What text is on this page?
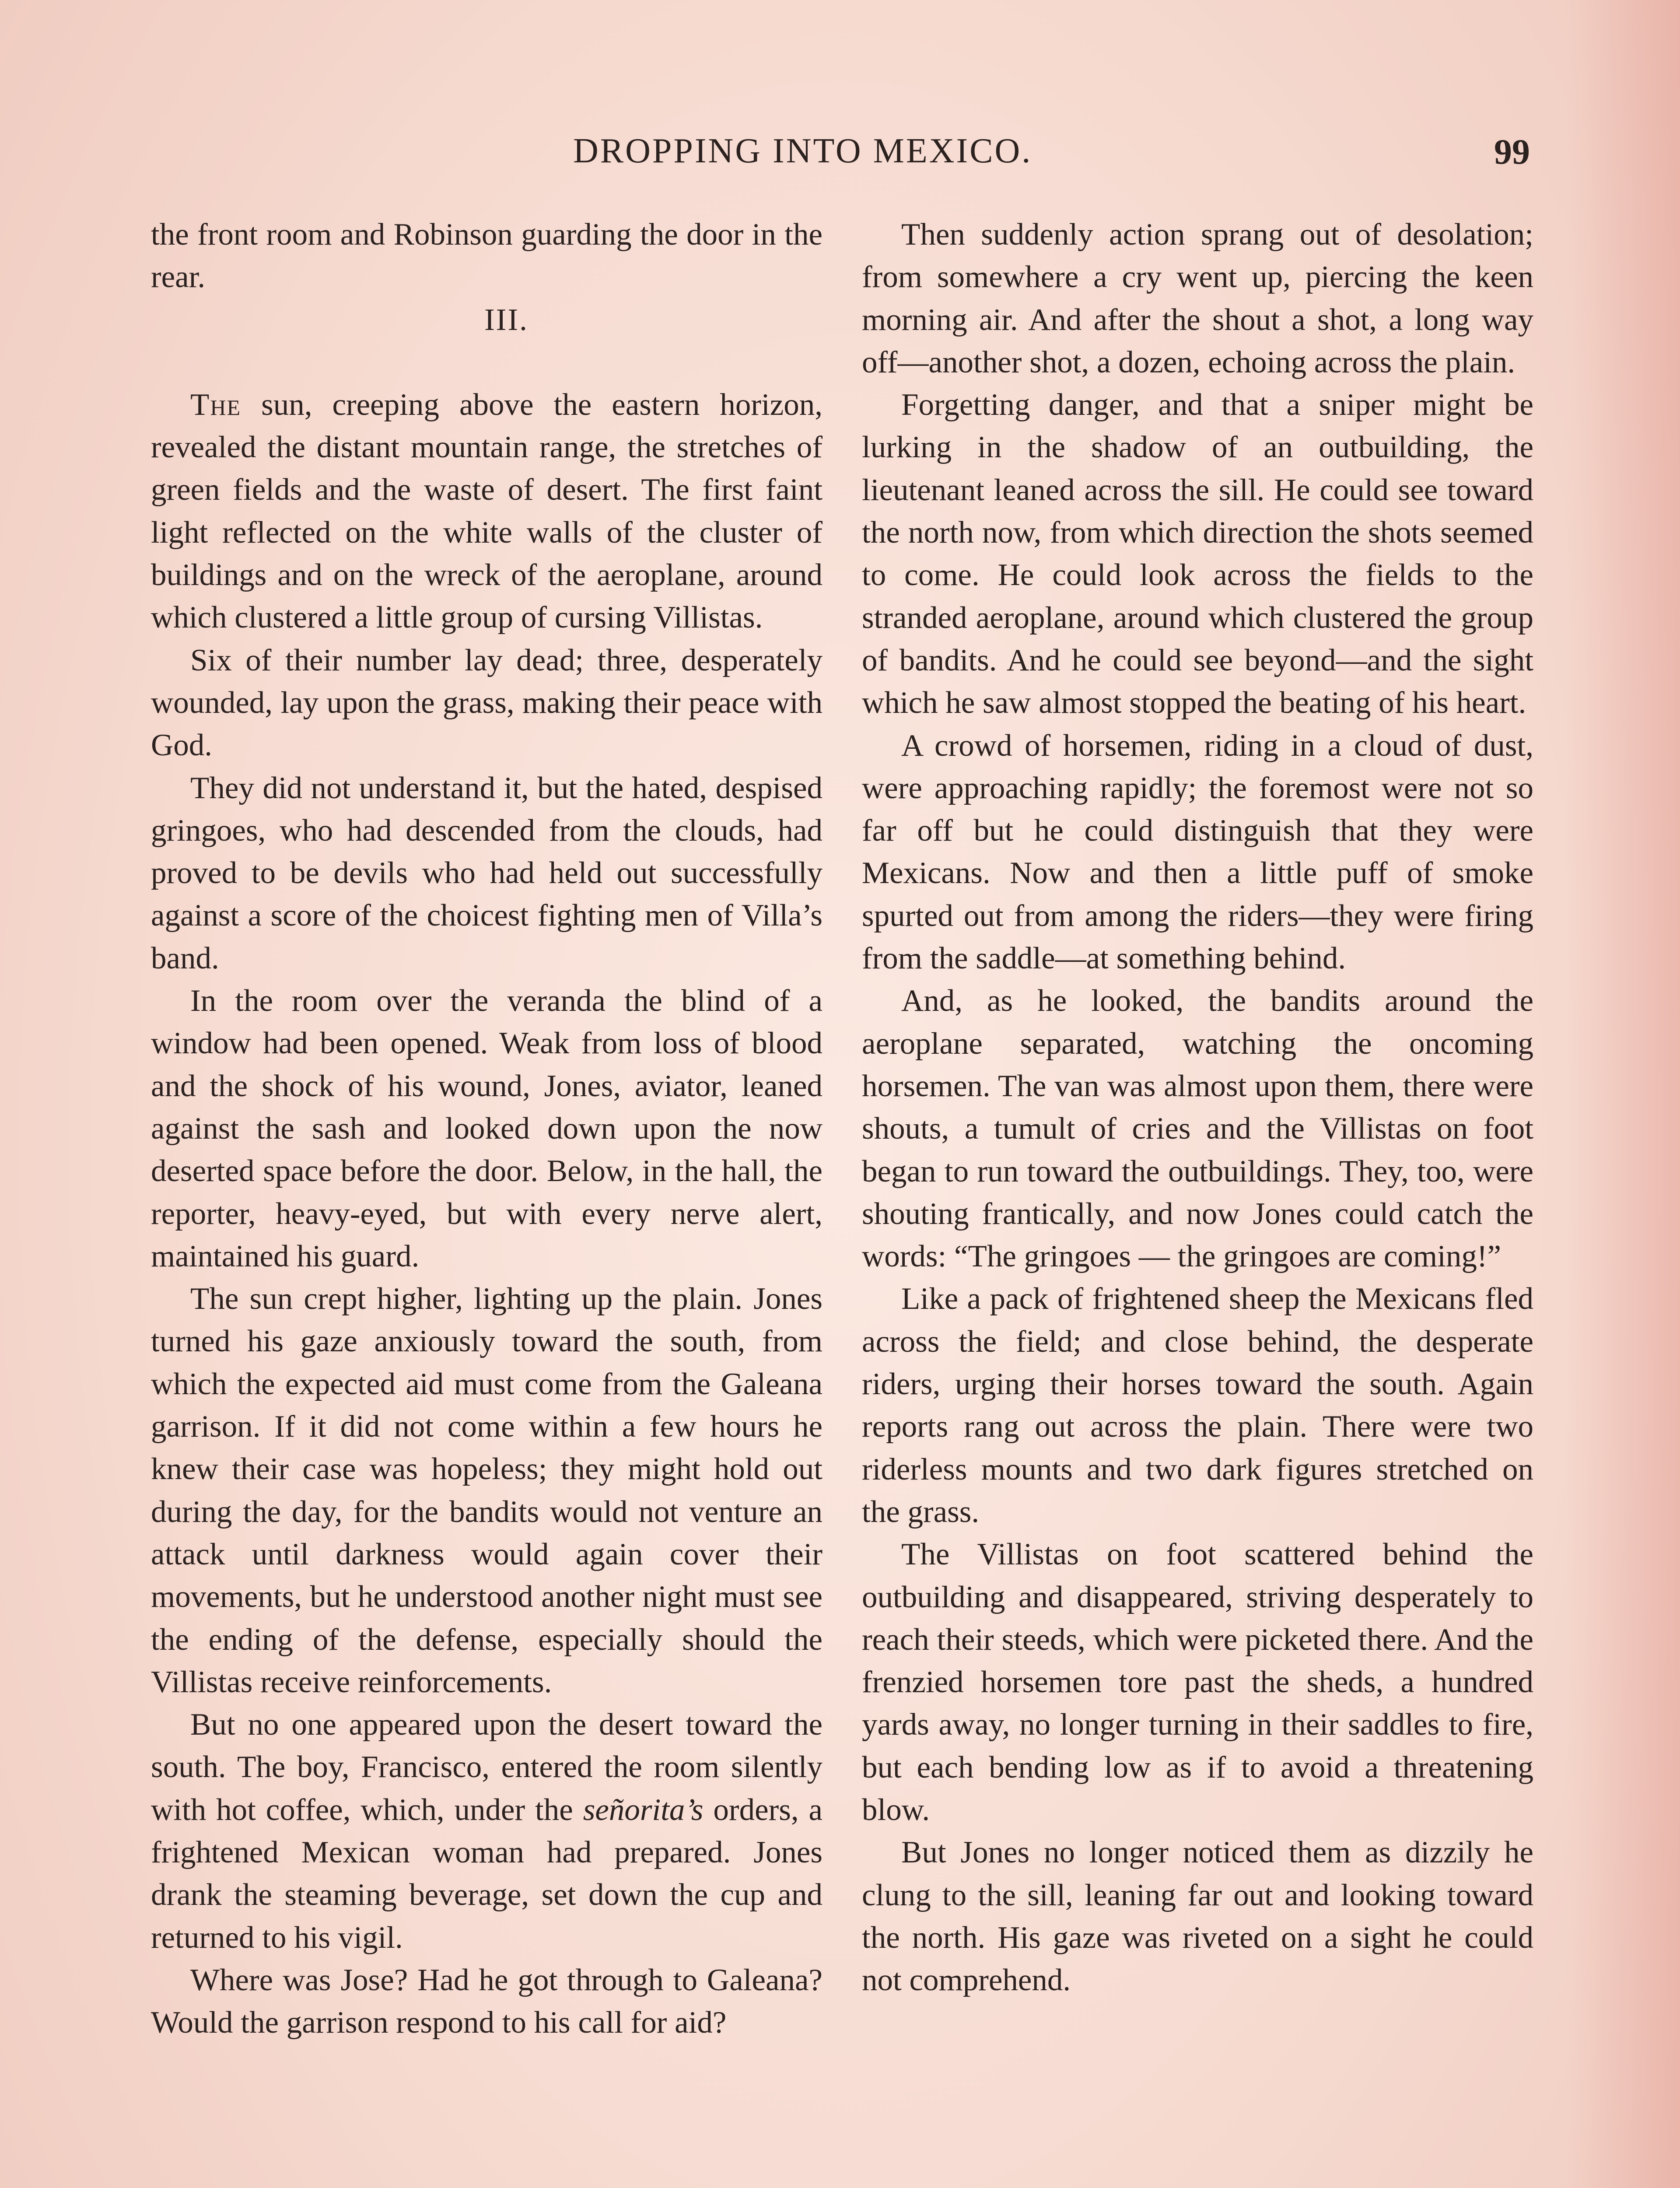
DROPPING INTO MEXICO.	99

the front room and Robinson guarding the door in the rear.

III.

The sun, creeping above the eastern horizon, revealed the distant mountain range, the stretches of green fields and the waste of desert. The first faint light reflected on the white walls of the cluster of buildings and on the wreck of the aeroplane, around which clustered a little group of cursing Villistas.

Six of their number lay dead; three, desperately wounded, lay upon the grass, making their peace with God.

They did not understand it, but the hated, despised gringoes, who had descended from the clouds, had proved to be devils who had held out successfully against a score of the choicest fighting men of Villa’s band.

In the room over the veranda the blind of a window had been opened. Weak from loss of blood and the shock of his wound, Jones, aviator, leaned against the sash and looked down upon the now deserted space before the door. Below, in the hall, the reporter, heavy-eyed, but with every nerve alert, maintained his guard.

The sun crept higher, lighting up the plain. Jones turned his gaze anxiously toward the south, from which the expected aid must come from the Galeana garrison. If it did not come within a few hours he knew their case was hopeless; they might hold out during the day, for the bandits would not venture an attack until darkness would again cover their movements, but he understood another night must see the ending of the defense, especially should the Villistas receive reinforcements.

But no one appeared upon the desert toward the south. The boy, Francisco, entered the room silently with hot coffee, which, under the señorita’s orders, a frightened Mexican woman had prepared. Jones drank the steaming beverage, set down the cup and returned to his vigil.

Where was Jose? Had he got through to Galeana? Would the garrison respond to his call for aid?

Then suddenly action sprang out of desolation; from somewhere a cry went up, piercing the keen morning air. And after the shout a shot, a long way off—another shot, a dozen, echoing across the plain.

Forgetting danger, and that a sniper might be lurking in the shadow of an outbuilding, the lieutenant leaned across the sill. He could see toward the north now, from which direction the shots seemed to come. He could look across the fields to the stranded aeroplane, around which clustered the group of bandits. And he could see beyond—and the sight which he saw almost stopped the beating of his heart.

A crowd of horsemen, riding in a cloud of dust, were approaching rapidly; the foremost were not so far off but he could distinguish that they were Mexicans. Now and then a little puff of smoke spurted out from among the riders—they were firing from the saddle—at something behind.

And, as he looked, the bandits around the aeroplane separated, watching the oncoming horsemen. The van was almost upon them, there were shouts, a tumult of cries and the Villistas on foot began to run toward the outbuildings. They, too, were shouting frantically, and now Jones could catch the words: “The gringoes — the gringoes are coming!”

Like a pack of frightened sheep the Mexicans fled across the field; and close behind, the desperate riders, urging their horses toward the south. Again reports rang out across the plain. There were two riderless mounts and two dark figures stretched on the grass.

The Villistas on foot scattered behind the outbuilding and disappeared, striving desperately to reach their steeds, which were picketed there. And the frenzied horsemen tore past the sheds, a hundred yards away, no longer turning in their saddles to fire, but each bending low as if to avoid a threatening blow.

But Jones no longer noticed them as dizzily he clung to the sill, leaning far out and looking toward the north. His gaze was riveted on a sight he could not comprehend.
